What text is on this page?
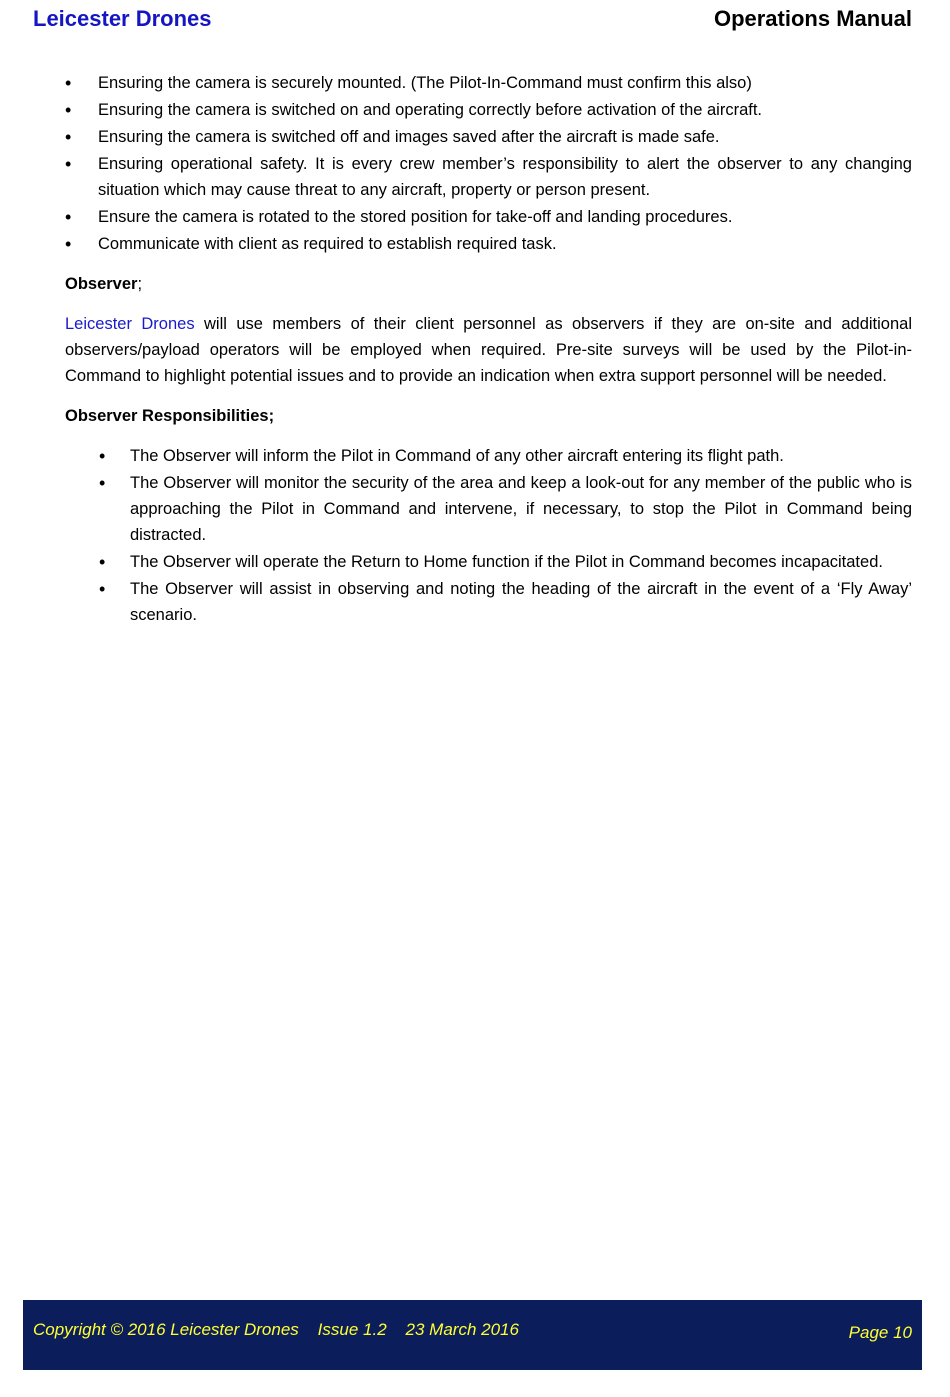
Leicester Drones	Operations Manual
• Ensuring the camera is securely mounted. (The Pilot-In-Command must confirm this also)
• Ensuring the camera is switched on and operating correctly before activation of the aircraft.
• Ensuring the camera is switched off and images saved after the aircraft is made safe.
• Ensuring operational safety. It is every crew member’s responsibility to alert the observer to any changing situation which may cause threat to any aircraft, property or person present.
• Ensure the camera is rotated to the stored position for take-off and landing procedures.
• Communicate with client as required to establish required task.
Observer;
Leicester Drones will use members of their client personnel as observers if they are on-site and additional observers/payload operators will be employed when required. Pre-site surveys will be used by the Pilot-in-Command to highlight potential issues and to provide an indication when extra support personnel will be needed.
Observer Responsibilities;
• The Observer will inform the Pilot in Command of any other aircraft entering its flight path.
• The Observer will monitor the security of the area and keep a look-out for any member of the public who is approaching the Pilot in Command and intervene, if necessary, to stop the Pilot in Command being distracted.
• The Observer will operate the Return to Home function if the Pilot in Command becomes incapacitated.
• The Observer will assist in observing and noting the heading of the aircraft in the event of a ‘Fly Away’ scenario.
Copyright © 2016 Leicester Drones    Issue 1.2    23 March 2016	Page 10
